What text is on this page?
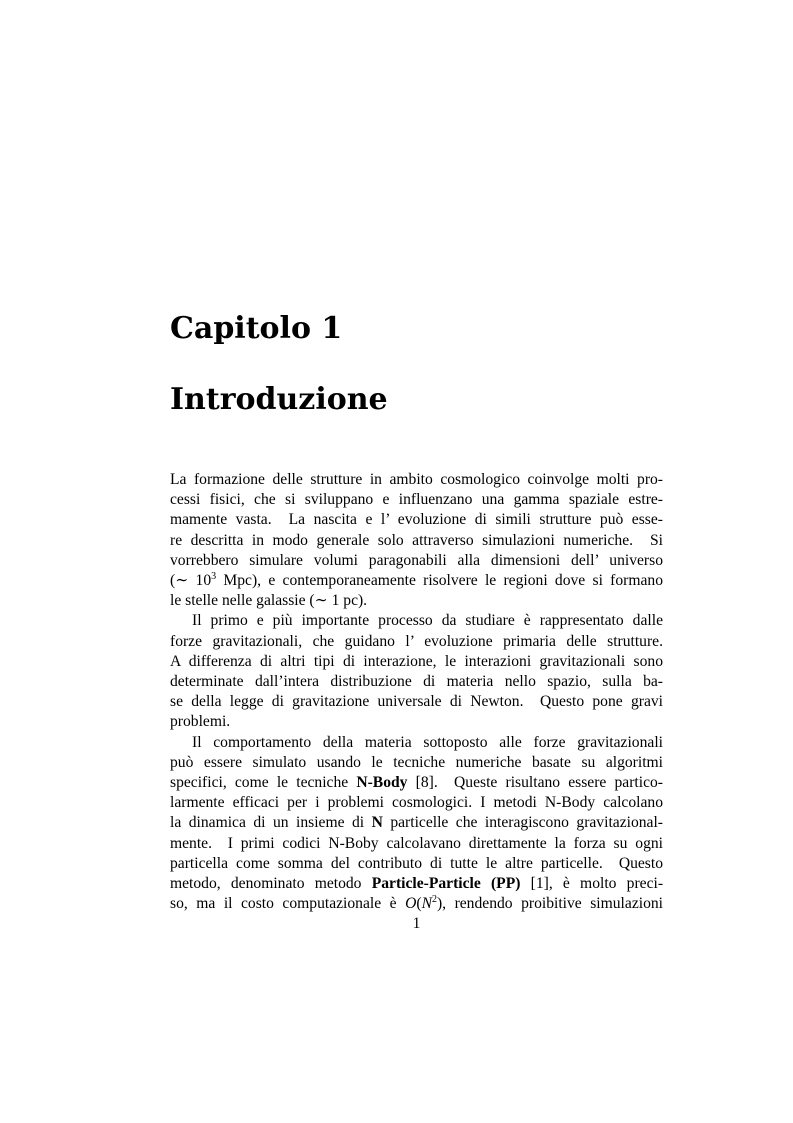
Capitolo 1
Introduzione
La formazione delle strutture in ambito cosmologico coinvolge molti pro-
cessi fisici, che si sviluppano e influenzano una gamma spaziale estre-
mamente vasta.  La nascita e l’ evoluzione di simili strutture può esse-
re descritta in modo generale solo attraverso simulazioni numeriche.  Si
vorrebbero simulare volumi paragonabili alla dimensioni dell’ universo
(∼ $10^3$ Mpc), e contemporaneamente risolvere le regioni dove si formano
le stelle nelle galassie (∼ 1 pc).
Il primo e più importante processo da studiare è rappresentato dalle
forze gravitazionali, che guidano l’ evoluzione primaria delle strutture.
A differenza di altri tipi di interazione, le interazioni gravitazionali sono
determinate dall’intera distribuzione di materia nello spazio, sulla ba-
se della legge di gravitazione universale di Newton.  Questo pone gravi
problemi.
Il comportamento della materia sottoposto alle forze gravitazionali
può essere simulato usando le tecniche numeriche basate su algoritmi
specifici, come le tecniche N-Body [8].  Queste risultano essere partico-
larmente efficaci per i problemi cosmologici. I metodi N-Body calcolano
la dinamica di un insieme di N particelle che interagiscono gravitazional-
mente.  I primi codici N-Boby calcolavano direttamente la forza su ogni
particella come somma del contributo di tutte le altre particelle.  Questo
metodo, denominato metodo Particle-Particle (PP) [1], è molto preci-
so, ma il costo computazionale è $O(N^2)$, rendendo proibitive simulazioni
1
